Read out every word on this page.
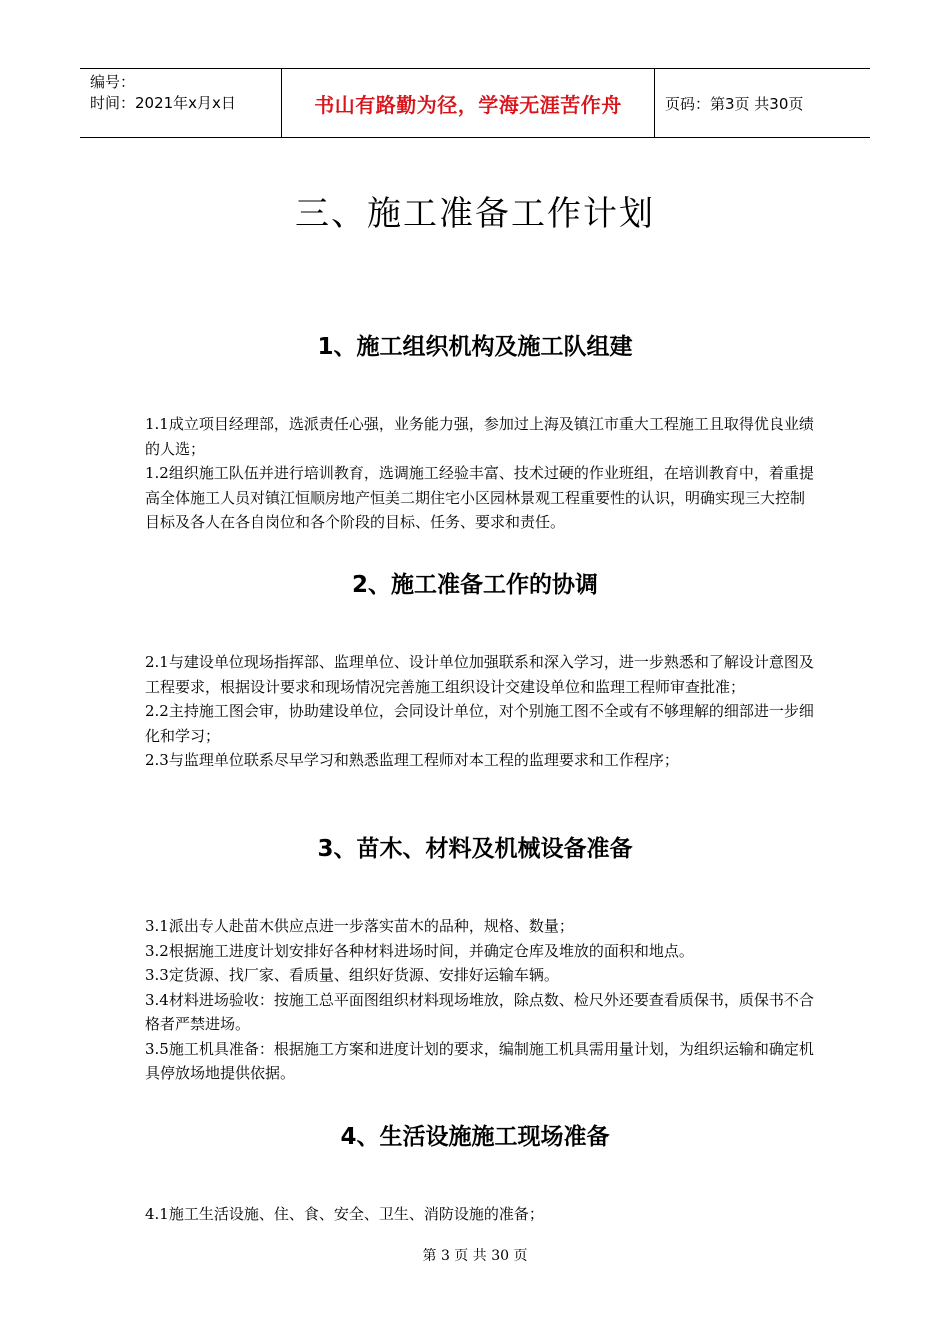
编号：
时间：2021年x月x日	书山有路勤为径，学海无涯苦作舟	页码：第3页 共30页
三、施工准备工作计划
1、施工组织机构及施工队组建

1.1成立项目经理部，选派责任心强，业务能力强，参加过上海及镇江市重大工程施工且取得优良业绩的人选；

1.2组织施工队伍并进行培训教育，选调施工经验丰富、技术过硬的作业班组，在培训教育中，着重提高全体施工人员对镇江恒顺房地产恒美二期住宅小区园林景观工程重要性的认识，明确实现三大控制目标及各人在各自岗位和各个阶段的目标、任务、要求和责任。

2、施工准备工作的协调

2.1与建设单位现场指挥部、监理单位、设计单位加强联系和深入学习，进一步熟悉和了解设计意图及工程要求，根据设计要求和现场情况完善施工组织设计交建设单位和监理工程师审查批准；

2.2主持施工图会审，协助建设单位，会同设计单位，对个别施工图不全或有不够理解的细部进一步细化和学习；

2.3与监理单位联系尽早学习和熟悉监理工程师对本工程的监理要求和工作程序；

3、苗木、材料及机械设备准备

3.1派出专人赴苗木供应点进一步落实苗木的品种，规格、数量；

3.2根据施工进度计划安排好各种材料进场时间，并确定仓库及堆放的面积和地点。

3.3定货源、找厂家、看质量、组织好货源、安排好运输车辆。

3.4材料进场验收：按施工总平面图组织材料现场堆放，除点数、检尺外还要查看质保书，质保书不合格者严禁进场。

3.5施工机具准备：根据施工方案和进度计划的要求，编制施工机具需用量计划，为组织运输和确定机具停放场地提供依据。

4、生活设施施工现场准备

4.1施工生活设施、住、食、安全、卫生、消防设施的准备；

第 3 页 共 30 页
